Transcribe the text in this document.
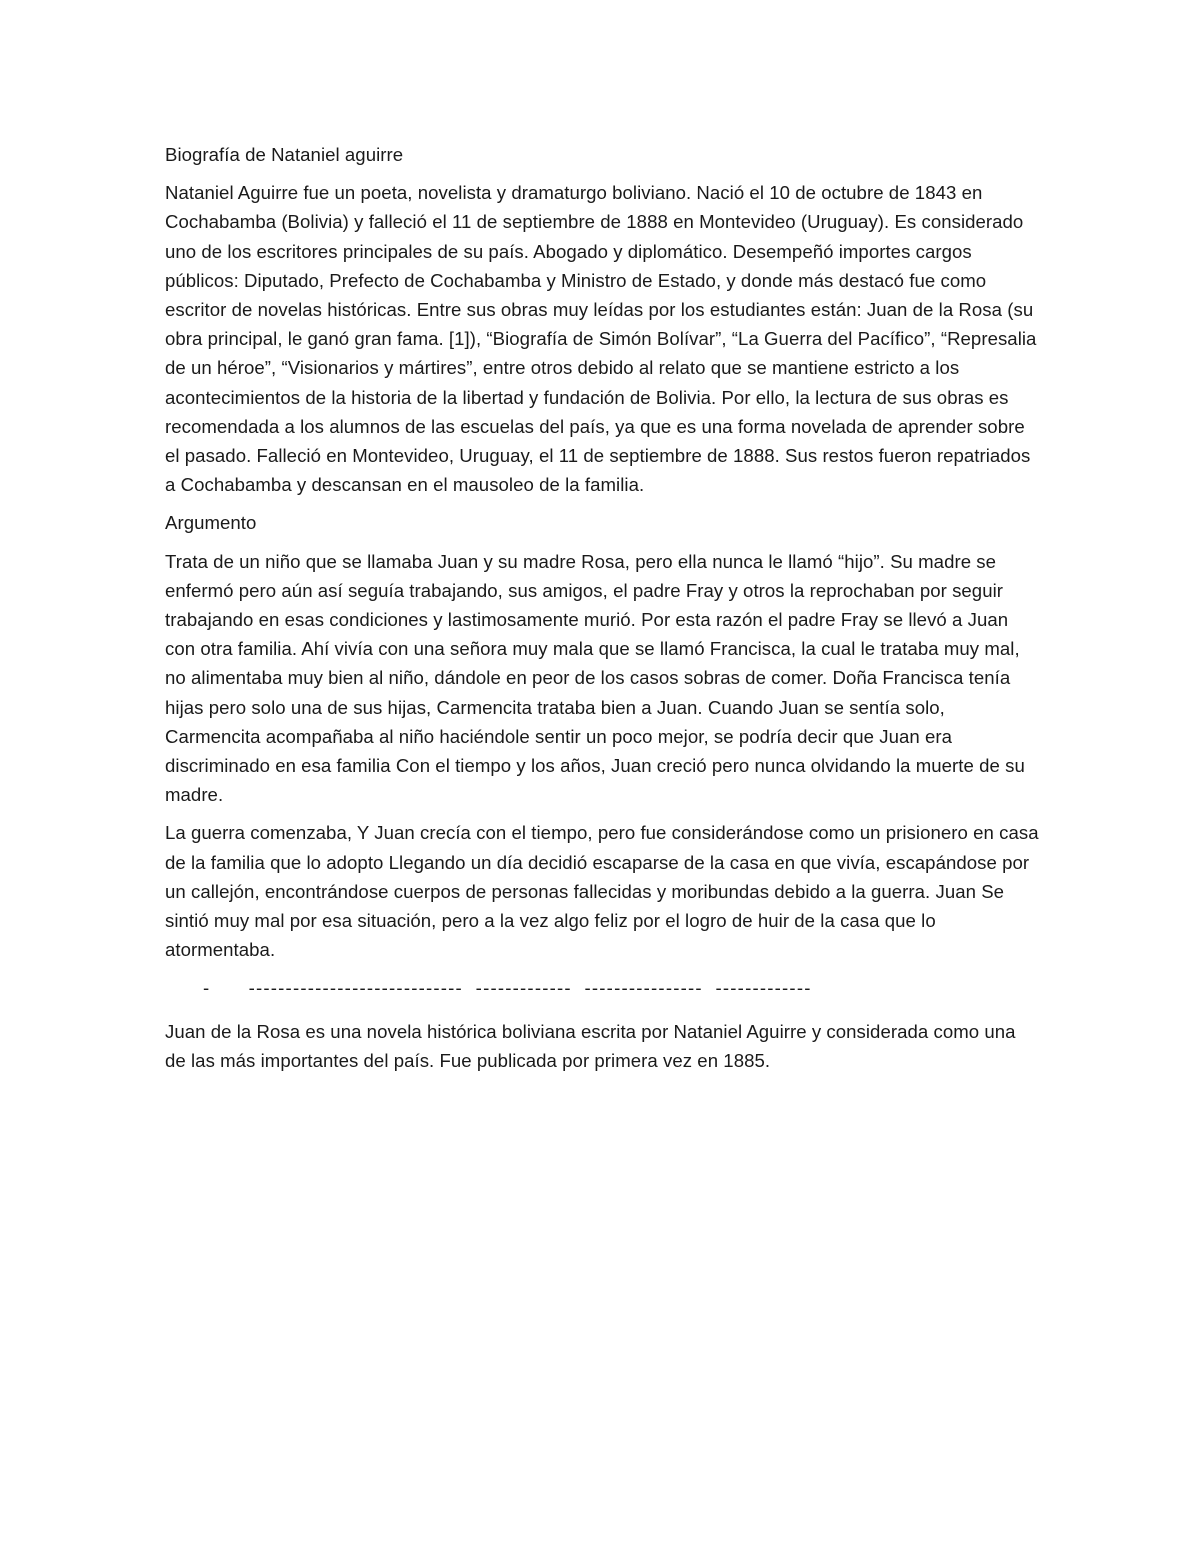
Biografía de Nataniel aguirre

Nataniel Aguirre fue un poeta, novelista y dramaturgo boliviano. Nació el 10 de octubre de 1843 en Cochabamba (Bolivia) y falleció el 11 de septiembre de 1888 en Montevideo (Uruguay). Es considerado uno de los escritores principales de su país. Abogado y diplomático. Desempeñó importes cargos públicos: Diputado, Prefecto de Cochabamba y Ministro de Estado, y donde más destacó fue como escritor de novelas históricas. Entre sus obras muy leídas por los estudiantes están: Juan de la Rosa (su obra principal, le ganó gran fama. [1]), “Biografía de Simón Bolívar”, “La Guerra del Pacífico”, “Represalia de un héroe”, “Visionarios y mártires”, entre otros debido al relato que se mantiene estricto a los acontecimientos de la historia de la libertad y fundación de Bolivia. Por ello, la lectura de sus obras es recomendada a los alumnos de las escuelas del país, ya que es una forma novelada de aprender sobre el pasado. Falleció en Montevideo, Uruguay, el 11 de septiembre de 1888. Sus restos fueron repatriados a Cochabamba y descansan en el mausoleo de la familia.

Argumento

Trata de un niño que se llamaba Juan y su madre Rosa, pero ella nunca le llamó “hijo”. Su madre se enfermó pero aún así seguía trabajando, sus amigos, el padre Fray y otros la reprochaban por seguir trabajando en esas condiciones y lastimosamente murió. Por esta razón el padre Fray se llevó a Juan con otra familia. Ahí vivía con una señora muy mala que se llamó Francisca, la cual le trataba muy mal, no alimentaba muy bien al niño, dándole en peor de los casos sobras de comer. Doña Francisca tenía hijas pero solo una de sus hijas, Carmencita trataba bien a Juan. Cuando Juan se sentía solo, Carmencita acompañaba al niño haciéndole sentir un poco mejor, se podría decir que Juan era discriminado en esa familia Con el tiempo y los años, Juan creció pero nunca olvidando la muerte de su madre.

La guerra comenzaba, Y Juan crecía con el tiempo, pero fue considerándose como un prisionero en casa de la familia que lo adopto Llegando un día decidió escaparse de la casa en que vivía, escapándose por un callejón, encontrándose cuerpos de personas fallecidas y moribundas debido a la guerra. Juan Se sintió muy mal por esa situación, pero a la vez algo feliz por el logro de huir de la casa que lo atormentaba.

-      -----------------------------  -------------  ----------------  -------------

Juan de la Rosa es una novela histórica boliviana escrita por Nataniel Aguirre y considerada como una de las más importantes del país. Fue publicada por primera vez en 1885.
